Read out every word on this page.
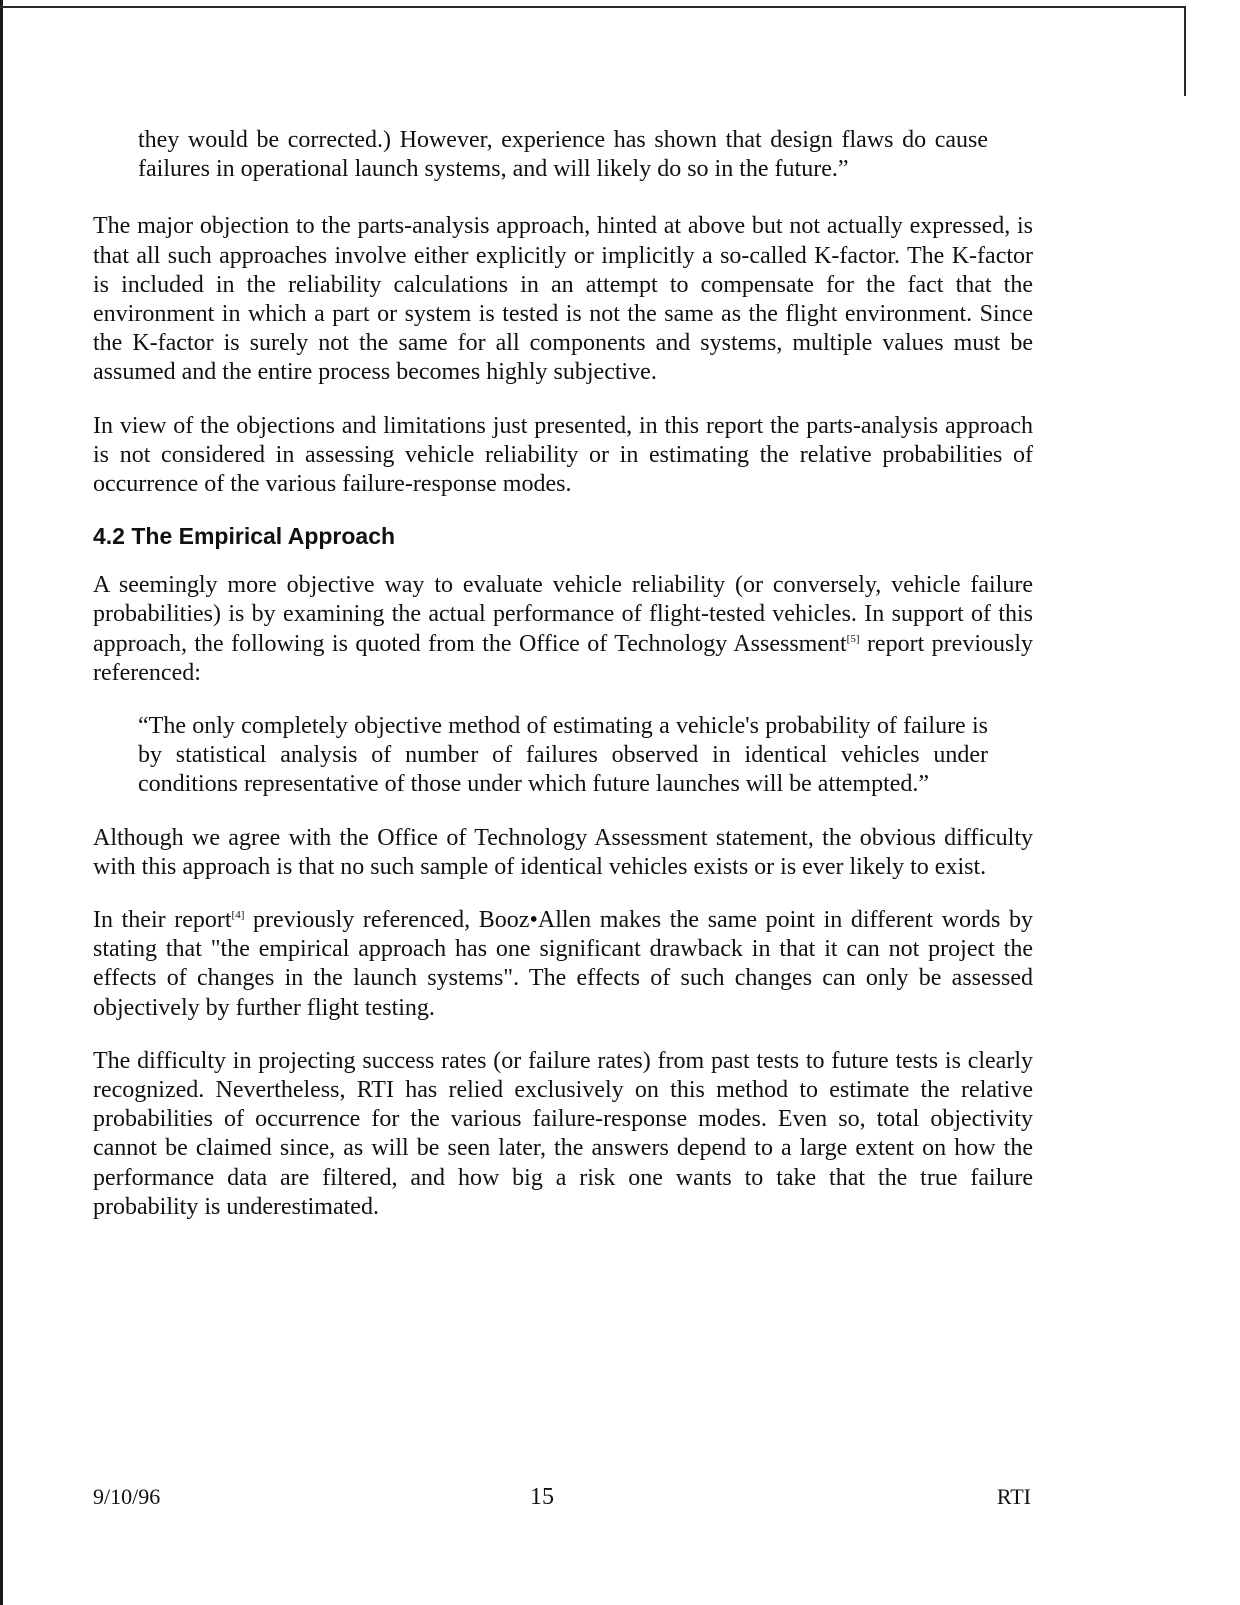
they would be corrected.) However, experience has shown that design flaws do cause failures in operational launch systems, and will likely do so in the future.”

The major objection to the parts-analysis approach, hinted at above but not actually expressed, is that all such approaches involve either explicitly or implicitly a so-called K-factor. The K-factor is included in the reliability calculations in an attempt to compensate for the fact that the environment in which a part or system is tested is not the same as the flight environment. Since the K-factor is surely not the same for all components and systems, multiple values must be assumed and the entire process becomes highly subjective.

In view of the objections and limitations just presented, in this report the parts-analysis approach is not considered in assessing vehicle reliability or in estimating the relative probabilities of occurrence of the various failure-response modes.

4.2 The Empirical Approach

A seemingly more objective way to evaluate vehicle reliability (or conversely, vehicle failure probabilities) is by examining the actual performance of flight-tested vehicles. In support of this approach, the following is quoted from the Office of Technology Assessment[5] report previously referenced:

“The only completely objective method of estimating a vehicle's probability of failure is by statistical analysis of number of failures observed in identical vehicles under conditions representative of those under which future launches will be attempted.”

Although we agree with the Office of Technology Assessment statement, the obvious difficulty with this approach is that no such sample of identical vehicles exists or is ever likely to exist.

In their report[4] previously referenced, Booz•Allen makes the same point in different words by stating that "the empirical approach has one significant drawback in that it can not project the effects of changes in the launch systems". The effects of such changes can only be assessed objectively by further flight testing.

The difficulty in projecting success rates (or failure rates) from past tests to future tests is clearly recognized. Nevertheless, RTI has relied exclusively on this method to estimate the relative probabilities of occurrence for the various failure-response modes. Even so, total objectivity cannot be claimed since, as will be seen later, the answers depend to a large extent on how the performance data are filtered, and how big a risk one wants to take that the true failure probability is underestimated.

9/10/96	15	RTI
